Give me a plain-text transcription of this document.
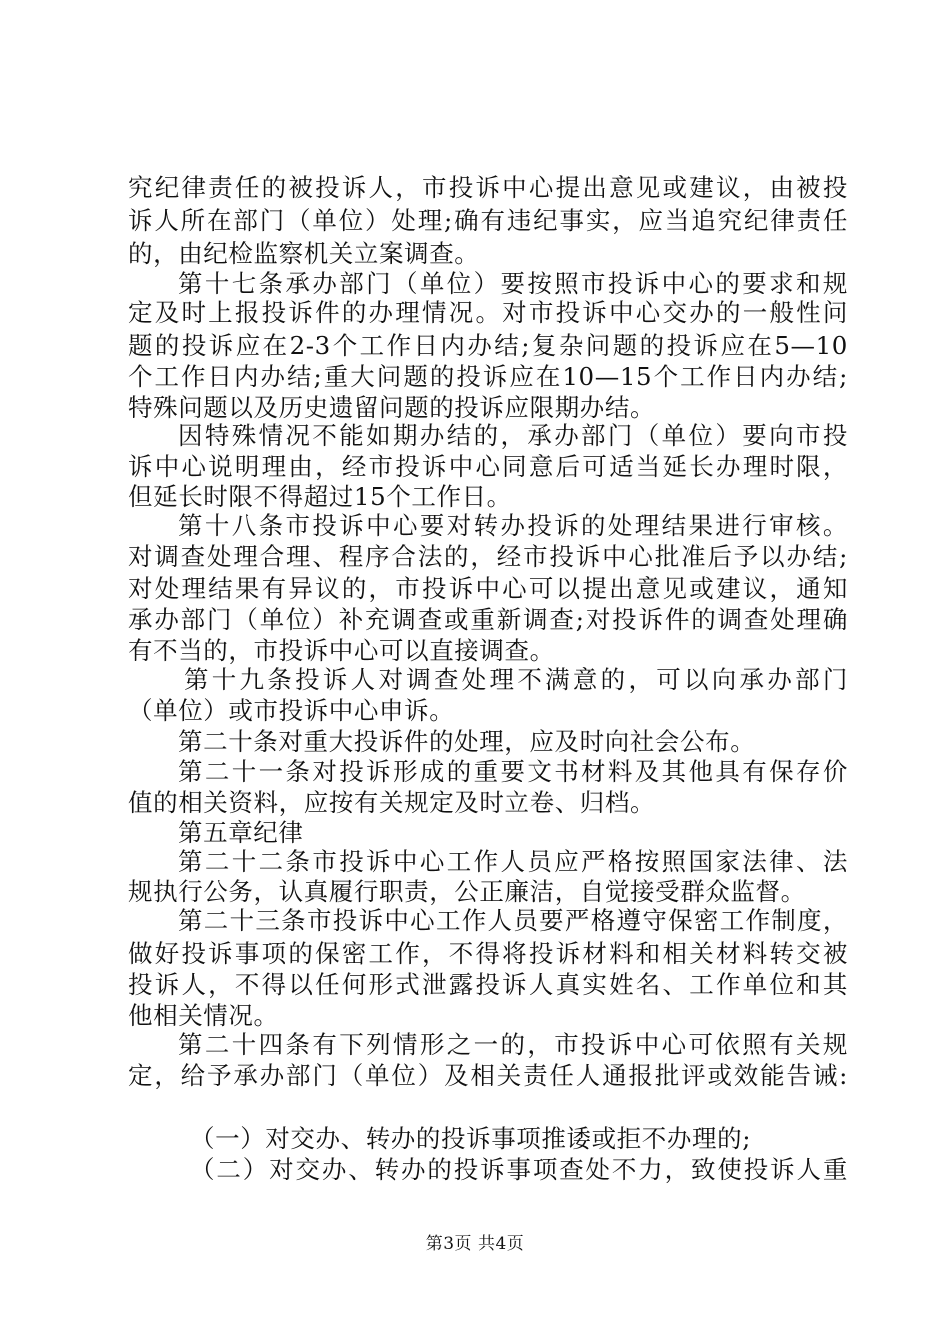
究纪律责任的被投诉人，市投诉中心提出意见或建议，由被投
诉人所在部门（单位）处理;确有违纪事实，应当追究纪律责任
的，由纪检监察机关立案调查。
第十七条承办部门（单位）要按照市投诉中心的要求和规
定及时上报投诉件的办理情况。对市投诉中心交办的一般性问
题的投诉应在2-3个工作日内办结;复杂问题的投诉应在5—10
个工作日内办结;重大问题的投诉应在10—15个工作日内办结;
特殊问题以及历史遗留问题的投诉应限期办结。
因特殊情况不能如期办结的，承办部门（单位）要向市投
诉中心说明理由，经市投诉中心同意后可适当延长办理时限，
但延长时限不得超过15个工作日。
第十八条市投诉中心要对转办投诉的处理结果进行审核。
对调查处理合理、程序合法的，经市投诉中心批准后予以办结;
对处理结果有异议的，市投诉中心可以提出意见或建议，通知
承办部门（单位）补充调查或重新调查;对投诉件的调查处理确
有不当的，市投诉中心可以直接调查。
第十九条投诉人对调查处理不满意的，可以向承办部门
（单位）或市投诉中心申诉。
第二十条对重大投诉件的处理，应及时向社会公布。
第二十一条对投诉形成的重要文书材料及其他具有保存价
值的相关资料，应按有关规定及时立卷、归档。
第五章纪律
第二十二条市投诉中心工作人员应严格按照国家法律、法
规执行公务，认真履行职责，公正廉洁，自觉接受群众监督。
第二十三条市投诉中心工作人员要严格遵守保密工作制度，
做好投诉事项的保密工作，不得将投诉材料和相关材料转交被
投诉人，不得以任何形式泄露投诉人真实姓名、工作单位和其
他相关情况。
第二十四条有下列情形之一的，市投诉中心可依照有关规
定，给予承办部门（单位）及相关责任人通报批评或效能告诫:
（一）对交办、转办的投诉事项推诿或拒不办理的;
（二）对交办、转办的投诉事项查处不力，致使投诉人重
第3页 共4页
